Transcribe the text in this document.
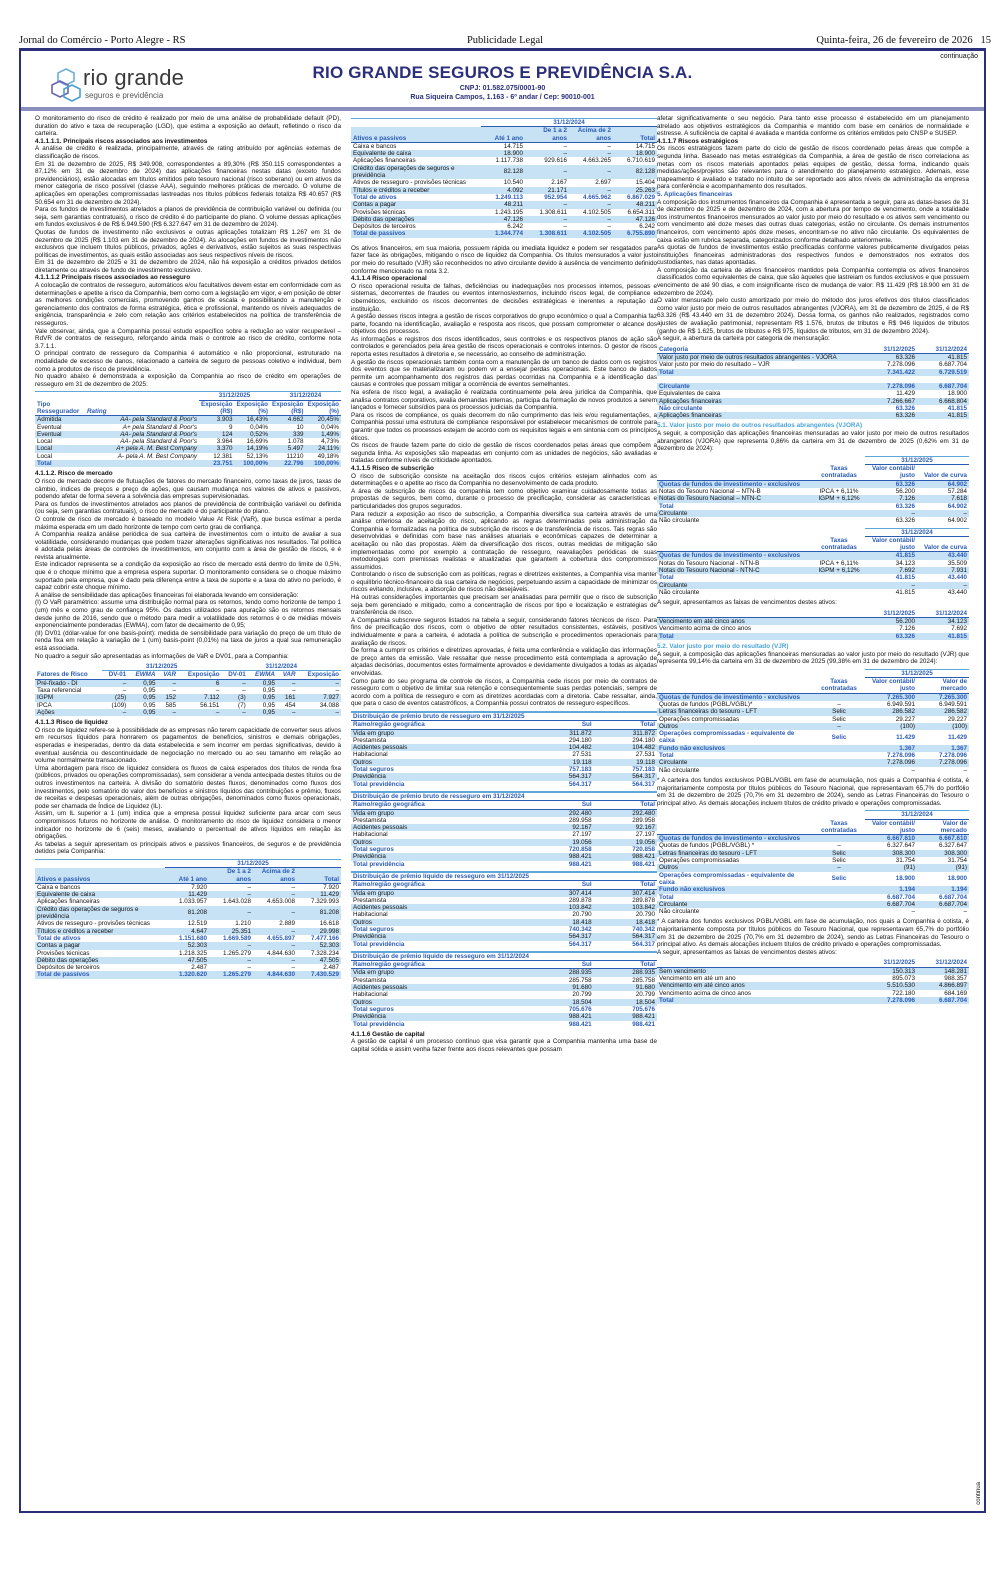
Jornal do Comércio - Porto Alegre - RS	Publicidade Legal	Quinta-feira, 26 de fevereiro de 2026 15
continuação
rio grande
seguros e previdência
RIO GRANDE SEGUROS E PREVIDÊNCIA S.A.
CNPJ: 01.582.075/0001-90
Rua Siqueira Campos, 1.163 - 6º andar / Cep: 90010-001

O monitoramento do risco de crédito é realizado por meio de uma análise de probabilidade default (PD), duration do ativo e taxa de recuperação (LGD), que estima a exposição ao default, refletindo o risco da carteira.

4.1.1.1.1. Principais riscos associados aos investimentos

A análise de crédito é realizada, principalmente, através de rating atribuído por agências externas de classificação de riscos.

Em 31 de dezembro de 2025, R$ 349.908, correspondentes a 89,30% (R$ 350.115 correspondentes a 87,12% em 31 de dezembro de 2024) das aplicações financeiras nestas datas (exceto fundos previdenciários), estão alocadas em títulos emitidos pelo tesouro nacional (risco soberano) ou em ativos da menor categoria de risco possível (classe AAA), seguindo melhores práticas de mercado. O volume de aplicações em operações compromissadas lastreadas nos títulos públicos federais totaliza R$ 40.657 (R$ 50.654 em 31 de dezembro de 2024).

Para os fundos de investimentos atrelados a planos de previdência de contribuição variável ou definida (ou seja, sem garantias contratuais), o risco de crédito é do participante do plano. O volume dessas aplicações em fundos exclusivos é de R$ 6.949.590 (R$ 6.327.647 em 31 de dezembro de 2024).

Quotas de fundos de investimento não exclusivos e outras aplicações totalizam R$ 1.267 em 31 de dezembro de 2025 (R$ 1.103 em 31 de dezembro de 2024). As alocações em fundos de investimentos não exclusivos que incluem títulos públicos, privados, ações e derivativos, estão sujeitos as suas respectivas políticas de investimentos, as quais estão associadas aos seus respectivos níveis de riscos.

Em 31 de dezembro de 2025 e 31 de dezembro de 2024, não há exposição a créditos privados detidos diretamente ou através de fundo de investimento exclusivo.

4.1.1.1.2 Principais riscos associados ao resseguro

A colocação de contratos de resseguro, automáticos e/ou facultativos devem estar em conformidade com as determinações e apetite a risco da Companhia, bem como com a legislação em vigor, e em posição de obter as melhores condições comerciais, promovendo ganhos de escala e possibilitando a manutenção e gerenciamento dos contratos de forma estratégica, ética e profissional, mantendo os níveis adequados de exigência, transparência e zelo com relação aos critérios estabelecidos na política de transferência de resseguros.

Vale observar, ainda, que a Companhia possui estudo específico sobre a redução ao valor recuperável – RdVR de contratos de resseguro, reforçando ainda mais o controle ao risco de crédito, conforme nota 3.7.1.1.

O principal contrato de resseguro da Companhia é automático e não proporcional, estruturado na modalidade de excesso de danos, relacionado a carteira de seguro de pessoas coletivo e individual, bem como a produtos de risco de previdência.

No quadro abaixo é demonstrada a exposição da Companhia ao risco de crédito em operações de resseguro em 31 de dezembro de 2025:

		31/12/2025		31/12/2024	
Tipo Ressegurador	Rating	Exposição (R$)	Exposição (%)	Exposição (R$)	Exposição (%)
Admitida	AA- pela Standard & Poor's	3.903	16,43%	4.662	20,45%
Eventual	A+ pela Standard & Poor's	9	0,04%	10	0,04%
Eventual	AA- pela Standard & Poor's	124	0,52%	339	1,49%
Local	AA- pela Standard & Poor's	3.964	16,69%	1.078	4,73%
Local	A+ pela A. M. Best Company	3.370	14,19%	5.497	24,11%
Local	A- pela A. M. Best Company	12.381	52,13%	11210	49,18%
Total		23.751	100,00%	22.796	100,00%

4.1.1.2. Risco de mercado

O risco de mercado decorre de flutuações de fatores do mercado financeiro, como taxas de juros, taxas de câmbio, índices de preços e preço de ações, que causam mudança nos valores de ativos e passivos, podendo afetar de forma severa a solvência das empresas supervisionadas.

Para os fundos de investimentos atrelados aos planos de previdência de contribuição variável ou definida (ou seja, sem garantias contratuais), o risco de mercado é do participante do plano.

O controle de risco de mercado é baseado no modelo Value At Risk (VaR), que busca estimar a perda máxima esperada em um dado horizonte de tempo com certo grau de confiança.

A Companhia realiza análise periódica de sua carteira de investimentos com o intuito de avaliar a sua volatilidade, considerando mudanças que podem trazer alterações significativas nos resultados. Tal política é adotada pelas áreas de controles de investimentos, em conjunto com a área de gestão de riscos, e é revista anualmente.

Este indicador representa se a condição da exposição ao risco de mercado está dentro do limite de 0,5%, que é o choque mínimo que a empresa espera suportar. O monitoramento considera se o choque máximo suportado pela empresa, que é dado pela diferença entre a taxa de suporte e a taxa do ativo no período, é capaz cobrir este choque mínimo.

A análise de sensibilidade das aplicações financeiras foi elaborada levando em consideração:

(I) O VaR paramétrico: assume uma distribuição normal para os retornos, tendo como horizonte de tempo 1 (um) mês e como grau de confiança 95%. Os dados utilizados para apuração são os retornos mensais desde junho de 2016, sendo que o método para medir a volatilidade dos retornos é o de médias móveis exponencialmente ponderadas (EWMA), com fator de decaimento de 0,95;

(II) DV01 (dólar-value for one basis-point): medida de sensibilidade para variação do preço de um título de renda fixa em relação à variação de 1 (um) basis-point (0,01%) na taxa de juros a qual sua remuneração está associada.

No quadro a seguir são apresentadas as informações de VaR e DV01, para a Companhia:

	31/12/2025				31/12/2024			
Fatores de Risco	DV-01	EWMA	VAR	Exposição	DV-01	EWMA	VAR	Exposição
Pré-fixado - DI	–	0,95	–	6	–	0,95	–	–
Taxa referencial	–	0,95	–	–	–	0,95	–	–
IGPM	(25)	0,95	152	7.112	(3)	0,95	161	7.927
IPCA	(109)	0,95	585	56.151	(7)	0,95	454	34.088
Ações	–	0,95	–	–	–	0,95	–	–

4.1.1.3 Risco de liquidez

O risco de liquidez refere-se à possibilidade de as empresas não terem capacidade de converter seus ativos em recursos líquidos para honrarem os pagamentos de benefícios, sinistros e demais obrigações, esperadas e inesperadas, dentro da data estabelecida e sem incorrer em perdas significativas, devido à eventual ausência ou descontinuidade de negociação no mercado ou ao seu tamanho em relação ao volume normalmente transacionado.

Uma abordagem para risco de liquidez considera os fluxos de caixa esperados dos títulos de renda fixa (públicos, privados ou operações compromissadas), sem considerar a venda antecipada destes títulos ou de outros investimentos na carteira. A divisão do somatório destes fluxos, denominados como fluxos dos investimentos, pelo somatório do valor dos benefícios e sinistros líquidos das contribuições e prêmio, fluxos de receitas e despesas operacionais, além de outras obrigações, denominados como fluxos operacionais, pode ser chamada de Índice de Liquidez (IL).

Assim, um IL superior a 1 (um) indica que a empresa possui liquidez suficiente para arcar com seus compromissos futuros no horizonte de análise. O monitoramento do risco de liquidez considera o menor indicador no horizonte de 6 (seis) meses, avaliando o percentual de ativos líquidos em relação às obrigações.

As tabelas a seguir apresentam os principais ativos e passivos financeiros, de seguros e de previdência detidos pela Companhia:

	31/12/2025			
Ativos e passivos	Até 1 ano	De 1 a 2 anos	Acima de 2 anos	Total
Caixa e bancos	7.920	–	–	7.920
Equivalente de caixa	11.429	–	–	11.429
Aplicações financeiras	1.033.957	1.643.028	4.653.008	7.329.993
Crédito das operações de seguros e previdência	81.208	–	–	81.208
Ativos de resseguro - provisões técnicas	12.519	1.210	2.889	16.618
Títulos e créditos a receber	4.647	25.351	–	29.998
Total de ativos	1.151.680	1.669.589	4.655.897	7.477.166
Contas a pagar	52.303	–	–	52.303
Provisões técnicas	1.218.325	1.265.279	4.844.630	7.328.234
Débito das operações	47.505	–	–	47.505
Depósitos de terceiros	2.487	–	–	2.487
Total de passivos	1.320.620	1.265.279	4.844.630	7.430.529
	31/12/2024			
Ativos e passivos	Até 1 ano	De 1 a 2 anos	Acima de 2 anos	Total
Caixa e bancos	14.715	–	–	14.715
Equivalente de caixa	18.900	–	–	18.900
Aplicações financeiras	1.117.738	929.616	4.663.265	6.710.619
Crédito das operações de seguros e previdência	82.128	–	–	82.128
Ativos de resseguro - provisões técnicas	10.540	2.167	2.697	15.404
Títulos e créditos a receber	4.092	21.171	–	25.263
Total de ativos	1.249.113	952.954	4.665.962	6.867.029
Contas a pagar	48.211	–	–	48.211
Provisões técnicas	1.243.195	1.308.611	4.102.505	6.654.311
Débito das operações	47.126	–	–	47.126
Depósitos de terceiros	6.242	–	–	6.242
Total de passivos	1.344.774	1.308.611	4.102.505	6.755.890

Os ativos financeiros, em sua maioria, possuem rápida ou imediata liquidez e podem ser resgatados para fazer face às obrigações, mitigando o risco de liquidez da Companhia. Os títulos mensurados a valor justo por meio do resultado (VJR) são reconhecidos no ativo circulante devido à ausência de vencimento definido conforme mencionado na nota 3.2.

4.1.1.4 Risco operacional

O risco operacional resulta de falhas, deficiências ou inadequações nos processos internos, pessoas e sistemas, decorrentes de fraudes ou eventos internos/externos, incluindo riscos legal, de compliance e cibernéticos, excluindo os riscos decorrentes de decisões estratégicas e inerentes a reputação da instituição.

A gestão desses riscos integra a gestão de riscos corporativos do grupo econômico o qual a Companhia faz parte, focando na identificação, avaliação e resposta aos riscos, que possam comprometer o alcance dos objetivos dos processos.

As informações e registros dos riscos identificados, seus controles e os respectivos planos de ação são controlados e gerenciados pela área gestão de riscos operacionais e controles internos. O gestor de riscos reporta estes resultados à diretoria e, se necessário, ao conselho de administração.

A gestão de riscos operacionais também conta com a manutenção de um banco de dados com os registros dos eventos que se materializaram ou podem vir a ensejar perdas operacionais. Este banco de dados permite um acompanhamento dos registros das perdas ocorridas na Companhia e a identificação das causas e controles que possam mitigar a ocorrência de eventos semelhantes.

Na esfera de risco legal, a avaliação é realizada continuamente pela área jurídica da Companhia, que analisa contratos corporativos, avalia demandas internas, participa da formação de novos produtos a serem lançados e fornecer subsídios para os processos judiciais da Companhia.

Para os riscos de compliance, os quais decorrem do não cumprimento das leis e/ou regulamentações, a Companhia possui uma estrutura de compliance responsável por estabelecer mecanismos de controle para garantir que todos os processos estejam de acordo com os requisitos legais e em sintonia com os princípios éticos.

Os riscos de fraude fazem parte do ciclo de gestão de riscos coordenados pelas áreas que compõem a segunda linha. As exposições são mapeadas em conjunto com as unidades de negócios, são avaliadas e tratadas conforme níveis de criticidade apontados.

4.1.1.5 Risco de subscrição

O risco de subscrição consiste na aceitação dos riscos cujos critérios estejam alinhados com as determinações e o apetite ao risco da Companhia no desenvolvimento de cada produto.

A área de subscrição de riscos da companhia tem como objetivo examinar cuidadosamente todas as propostas de seguros, bem como, durante o processo de precificação, considerar as características e particularidades dos grupos segurados.

Para reduzir a exposição ao risco de subscrição, a Companhia diversifica sua carteira através de uma análise criteriosa de aceitação do risco, aplicando as regras determinadas pela administração da Companhia e formalizadas na política de subscrição de riscos e de transferência de riscos. Tais regras são desenvolvidas e definidas com base nas análises atuariais e econômicas capazes de determinar a aceitação ou não das propostas. Além da diversificação dos riscos, outras medidas de mitigação são implementadas como por exemplo a contratação de resseguro, reavaliações periódicas de suas metodologias com premissas realistas e atualizadas que garantem a cobertura dos compromissos assumidos.

Controlando o risco de subscrição com as políticas, regras e diretrizes existentes, a Companhia visa manter o equilíbrio técnico-financeiro da sua carteira de negócios, perpetuando assim a capacidade de minimizar os riscos evitando, inclusive, a absorção de riscos não desejáveis.

Há outras considerações importantes que precisam ser analisadas para permitir que o risco de subscrição seja bem gerenciado e mitigado, como a concentração de riscos por tipo e localização e estratégias de transferência de risco.

A Companhia subscreve seguros listados na tabela a seguir, considerando fatores técnicos de risco. Para fins de precificação dos riscos, com o objetivo de obter resultados consistentes, estáveis, positivos individualmente e para a carteira, é adotada a política de subscrição e procedimentos operacionais para avaliação de riscos.

De forma a cumprir os critérios e diretrizes aprovadas, é feita uma conferência e validação das informações de preço antes da emissão. Vale ressaltar que nesse procedimento está contemplada a aprovação de alçadas decisórias, documentos estes formalmente aprovados e devidamente divulgados a todas as alçadas envolvidas.

Como parte do seu programa de controle de riscos, a Companhia cede riscos por meio de contratos de resseguro com o objetivo de limitar sua retenção e consequentemente suas perdas potenciais, sempre de acordo com a política de resseguro e com as diretrizes acordadas com a diretoria. Cabe ressaltar, ainda, que para o caso de eventos catastróficos, a Companhia possui contratos de resseguro específicos.

Distribuição de prêmio bruto de resseguro em 31/12/2025		
Ramo/região geográfica	Sul	Total
Vida em grupo	311.872	311.872
Prestamista	294.180	294.180
Acidentes pessoais	104.482	104.482
Habitacional	27.531	27.531
Outros	19.118	19.118
Total seguros	757.183	757.183
Previdência	564.317	564.317
Total previdência	564.317	564.317
Distribuição de prêmio bruto de resseguro em 31/12/2024		
Ramo/região geográfica	Sul	Total
Vida em grupo	292.480	292.480
Prestamista	289.958	289.958
Acidentes pessoais	92.167	92.167
Habitacional	27.197	27.197
Outros	19.056	19.056
Total seguros	720.858	720.858
Previdência	988.421	988.421
Total previdência	988.421	988.421
Distribuição de prêmio líquido de resseguro em 31/12/2025		
Ramo/região geográfica	Sul	Total
Vida em grupo	307.414	307.414
Prestamista	289.878	289.878
Acidentes pessoais	103.842	103.842
Habitacional	20.790	20.790
Outros	18.418	18.418
Total seguros	740.342	740.342
Previdência	564.317	564.317
Total previdência	564.317	564.317
Distribuição de prêmio líquido de resseguro em 31/12/2024		
Ramo/região geográfica	Sul	Total
Vida em grupo	288.935	288.935
Prestamista	285.758	285.758
Acidentes pessoais	91.680	91.680
Habitacional	20.799	20.799
Outros	18.504	18.504
Total seguros	705.676	705.676
Previdência	988.421	988.421
Total previdência	988.421	988.421

4.1.1.6 Gestão de capital

A gestão de capital é um processo contínuo que visa garantir que a Companhia mantenha uma base de capital sólida e assim venha fazer frente aos riscos relevantes que possam

afetar significativamente o seu negócio. Para tanto esse processo é estabelecido em um planejamento atrelado aos objetivos estratégicos da Companhia e mantido com base em cenários de normalidade e estresse. A suficiência de capital é avaliada e mantida conforme os critérios emitidos pelo CNSP e SUSEP.

4.1.1.7 Riscos estratégicos

Os riscos estratégicos fazem parte do ciclo de gestão de riscos coordenado pelas áreas que compõe a segunda linha. Baseado nas metas estratégicas da Companhia, a área de gestão de risco correlaciona as metas com os riscos materiais apontados pelas equipes de gestão, dessa forma, indicando quais medidas/ações/projetos são relevantes para o atendimento do planejamento estratégico. Ademais, esse mapeamento é avaliado e tratado no intuito de ser reportado aos altos níveis de administração da empresa para conferência e acompanhamento dos resultados.

5. Aplicações financeiras

A composição dos instrumentos financeiros da Companhia é apresentada a seguir, para as datas-bases de 31 de dezembro de 2025 e de dezembro de 2024, com a abertura por tempo de vencimento, onde a totalidade dos instrumentos financeiros mensurados ao valor justo por meio do resultado e os ativos sem vencimento ou com vencimento até doze meses das outras duas categorias, estão no circulante. Os demais instrumentos financeiros, com vencimento após doze meses, encontram-se no ativo não circulante. Os equivalentes de caixa estão em rubrica separada, categorizados conforme detalhado anteriormente.

As quotas de fundos de investimentos estão precificadas conforme valores publicamente divulgados pelas instituições financeiras administradoras dos respectivos fundos e demonstrados nos extratos dos custodiantes, nas datas apontadas.

A composição da carteira de ativos financeiros mantidos pela Companhia contempla os ativos financeiros classificados como equivalentes de caixa, que são àqueles que lastreiam os fundos exclusivos e que possuem vencimento de até 90 dias, e com insignificante risco de mudança de valor: R$ 11.429 (R$ 18.900 em 31 de dezembro de 2024).

O valor mensurado pelo custo amortizado por meio do método dos juros efetivos dos títulos classificados como valor justo por meio de outros resultados abrangentes (VJORA), em 31 de dezembro de 2025, é de R$ 63.326 (R$ 43.440 em 31 de dezembro 2024). Dessa forma, os ganhos não realizados, registrados como ajustes de avaliação patrimonial, representam R$ 1.576, brutos de tributos e R$ 946 líquidos de tributos (ganho de R$ 1.625, brutos de tributos e R$ 975, líquidos de tributos, em 31 de dezembro 2024).

A seguir, a abertura da carteira por categoria de mensuração:

Categoria	31/12/2025	31/12/2024
Valor justo por meio de outros resultados abrangentes - VJORA	63.326	41.815
Valor justo por meio do resultado – VJR	7.278.096	6.687.704
Total	7.341.422	6.729.519

Circulante	7.278.096	6.687.704
Equivalentes de caixa	11.429	18.900
Aplicações financeiras	7.266.667	6.668.804
Não circulante	63.326	41.815
Aplicações financeiras	63.326	41.815

5.1. Valor justo por meio de outros resultados abrangentes (VJORA)

A seguir, a composição das aplicações financeiras mensuradas ao valor justo por meio de outros resultados abrangentes (VJORA) que representa 0,86% da carteira em 31 de dezembro de 2025 (0,62% em 31 de dezembro de 2024):

		31/12/2025	
	Taxas contratadas	Valor contábil/ justo	Valor de curva
Quotas de fundos de investimento - exclusivos		63.326	64.902
Notas do Tesouro Nacional – NTN-B	IPCA + 6,11%	56.200	57.284
Notas do Tesouro Nacional – NTN-C	IGPM + 6,12%	7.126	7.618
Total		63.326	64.902
Circulante		–	–
Não circulante		63.326	64.902
		31/12/2024	
	Taxas contratadas	Valor contábil/ justo	Valor de curva
Quotas de fundos de investimento - exclusivos		41.815	43.440
Notas do Tesouro Nacional - NTN-B	IPCA + 6,11%	34.123	35.509
Notas do Tesouro Nacional - NTN-C	IGPM + 6,12%	7.692	7.931
Total		41.815	43.440
Circulante		–	–
Não circulante		41.815	43.440

A seguir, apresentamos as faixas de vencimentos destes ativos:

	31/12/2025	31/12/2024
Vencimento em até cinco anos	56.200	34.123
Vencimento acima de cinco anos	7.126	7.692
Total	63.326	41.815

5.2. Valor justo por meio do resultado (VJR)

A seguir, a composição das aplicações financeiras mensuradas ao valor justo por meio do resultado (VJR) que representa 99,14% da carteira em 31 de dezembro de 2025 (99,38% em 31 de dezembro de 2024):

		31/12/2025	
	Taxas contratadas	Valor contábil/ justo	Valor de mercado
Quotas de fundos de investimento - exclusivos		7.265.300	7.265.300
Quotas de fundos (PGBL/VGBL)*	–	6.949.591	6.949.591
Letras financeiras do tesouro - LFT	Selic	286.582	286.582
Operações compromissadas	Selic	29.227	29.227
Outros	–	(100)	(100)
Operações compromissadas - equivalente de caixa	Selic	11.429	11.429
Fundo não exclusivos		1.367	1.367
Total		7.278.096	7.278.096
Circulante		7.278.096	7.278.096
Não circulante		–	–

* A carteira dos fundos exclusivos PGBL/VGBL em fase de acumulação, nos quais a Companhia é cotista, é majoritariamente composta por títulos públicos do Tesouro Nacional, que representavam 65,7% do portfólio em 31 de dezembro de 2025 (70,7% em 31 dezembro de 2024), sendo as Letras Financeiras do Tesouro o principal ativo. As demais alocações incluem títulos de crédito privado e operações compromissadas.

		31/12/2024	
	Taxas contratadas	Valor contábil/ justo	Valor de mercado
Quotas de fundos de investimento - exclusivos		6.667.610	6.667.610
Quotas de fundos (PGBL/VGBL) *	–	6.327.647	6.327.647
Letras financeiras do tesouro - LFT	Selic	308.300	308.300
Operações compromissadas	Selic	31.754	31.754
Outros	–	(91)	(91)
Operações compromissadas - equivalente de caixa	Selic	18.900	18.900
Fundo não exclusivos		1.194	1.194
Total		6.687.704	6.687.704
Circulante		6.687.704	6.687.704
Não circulante		–	–

* A carteira dos fundos exclusivos PGBL/VGBL em fase de acumulação, nos quais a Companhia é cotista, é majoritariamente composta por títulos públicos do Tesouro Nacional, que representavam 65,7% do portfólio em 31 de dezembro de 2025 (70,7% em 31 dezembro de 2024), sendo as Letras Financeiras do Tesouro o principal ativo. As demais alocações incluem títulos de crédito privado e operações compromissadas.

A seguir, apresentamos as faixas de vencimentos destes ativos:

	31/12/2025	31/12/2024
Sem vencimento	150.313	148.281
Vencimento em até um ano	895.073	988.357
Vencimento em até cinco anos	5.510.530	4.866.897
Vencimento acima de cinco anos	722.180	684.169
Total	7.278.096	6.687.704
continua
